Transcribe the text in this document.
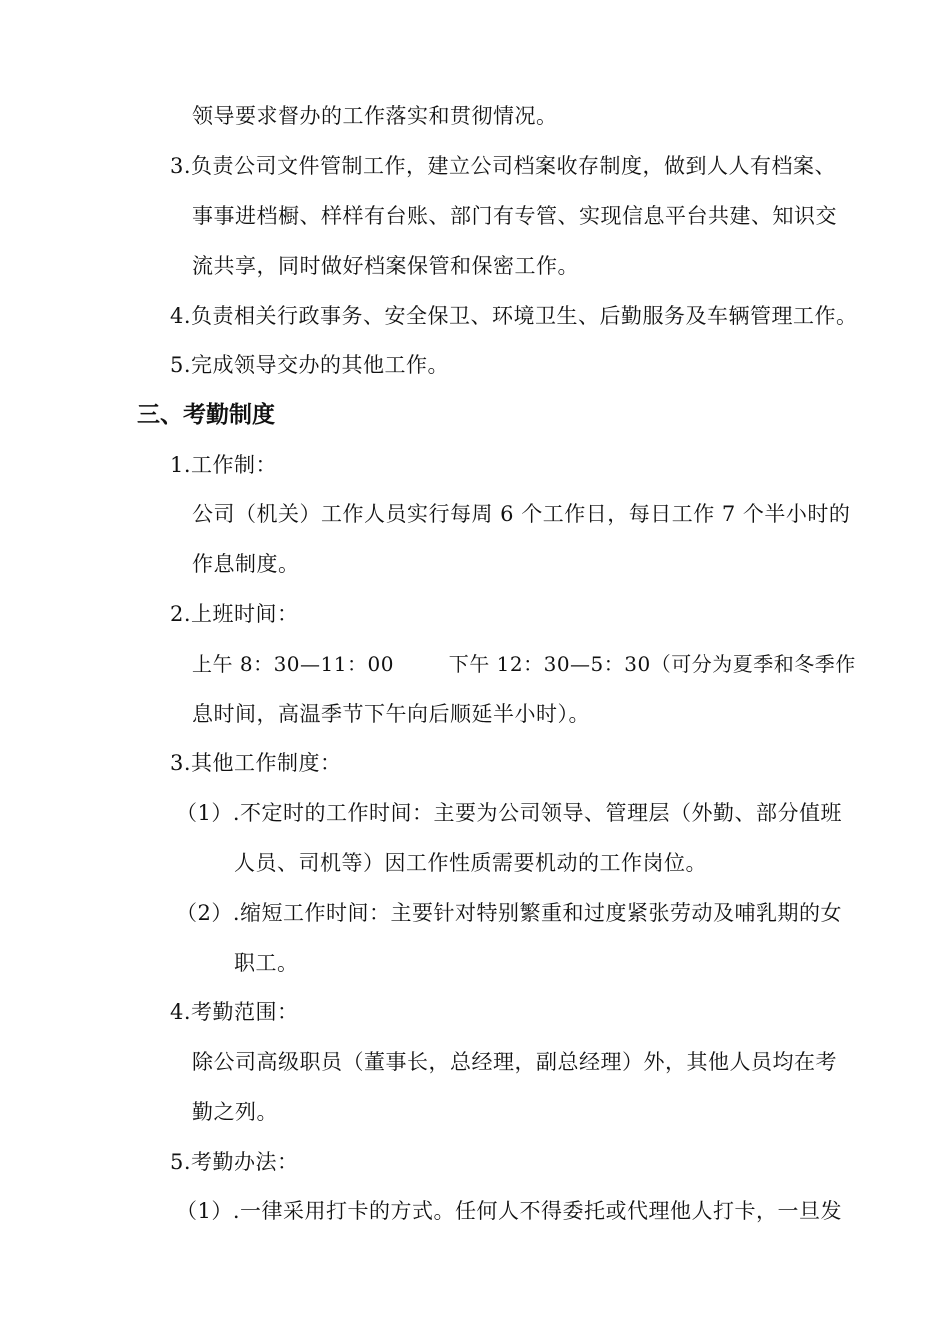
领导要求督办的工作落实和贯彻情况。
3.负责公司文件管制工作，建立公司档案收存制度，做到人人有档案、
事事进档橱、样样有台账、部门有专管、实现信息平台共建、知识交
流共享，同时做好档案保管和保密工作。
4.负责相关行政事务、安全保卫、环境卫生、后勤服务及车辆管理工作。
5.完成领导交办的其他工作。
三、考勤制度
1.工作制：
公司（机关）工作人员实行每周 6 个工作日，每日工作 7 个半小时的
作息制度。
2.上班时间：
上午 8：30—11：00        下午 12：30—5：30（可分为夏季和冬季作
息时间，高温季节下午向后顺延半小时）。
3.其他工作制度：
（1）.不定时的工作时间：主要为公司领导、管理层（外勤、部分值班
人员、司机等）因工作性质需要机动的工作岗位。
（2）.缩短工作时间：主要针对特别繁重和过度紧张劳动及哺乳期的女
职工。
4.考勤范围：
除公司高级职员（董事长，总经理，副总经理）外，其他人员均在考
勤之列。
5.考勤办法：
（1）.一律采用打卡的方式。任何人不得委托或代理他人打卡，一旦发
